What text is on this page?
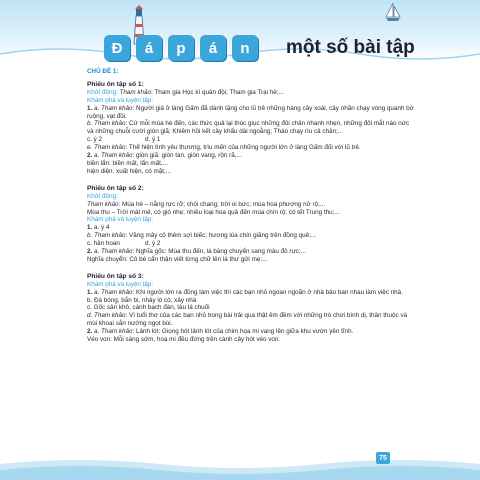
Đ	á	p	á	n	một số bài tập

CHỦ ĐỀ 1:

Phiếu ôn tập số 1:

Khởi động: Tham khảo: Tham gia Học kì quân đội; Tham gia Trại hè;...

Khám phá và luyện tập:

1. a. Tham khảo: Người già ở làng Gấm đã dành tặng cho lũ trẻ những hàng cây xoài, cây nhãn chạy vòng quanh bờ ruộng, vạt đồi.

b. Tham khảo: Cứ mỗi mùa hè đến, các thức quả lại thúc giục những đôi chân nhanh nhẹn, những đôi mắt náo nức và những chuỗi cười giòn giã; Khiêm hồi kết cây khẩu dài ngoằng; Tháo chạy rìu cả chân;...

c. ý 2	d. ý 1

e. Tham khảo: Thể hiện tình yêu thương, trìu mến của những người lớn ở làng Gấm đối với lũ trẻ.

2. a. Tham khảo: giòn giã: giòn tan, giòn vang, rộn rã,...

biền lẩn: biền mất, lẩn mất,...

hiện diện: xuất hiện, có mặt,...

Phiếu ôn tập số 2:

Khởi động:

Tham khảo: Mùa hè – nắng rực rỡ; chói chang; trời oi bức; mùa hoa phượng nở rộ;...

Mùa thu – Trời mát mẻ, có gió nhẹ; nhiều loại hoa quả đến mùa chín rộ; có tết Trung thu;...

Khám phá và luyện tập:

1. a. ý 4

b. Tham khảo: Vầng mây cô thêm sợi biếc; hương lúa chín giăng trên đồng quê;...

c. hân hoan	d. ý 2

2. a. Tham khảo: Nghĩa gốc: Mùa thu đến, lá bàng chuyển sang màu đỏ rực;...

Nghĩa chuyển: Cô bé cẩn thận viết từng chữ lên lá thư gửi mẹ;...

Phiếu ôn tập số 3:

Khám phá và luyện tập:

1. a. Tham khảo: Khi người lớn ra đồng làm việc thì các bạn nhỏ ngoan ngoãn ở nhà bảo ban nhau làm việc nhà.

b. Đá bóng, bắn bi, nhảy lò cò, xây nhà

c. Gốc sân khô, cánh bạch đàn, tàu lá chuối

d. Tham khảo: Vì tuổi thơ của các bạn nhỏ trong bài trải qua thật êm đềm với những trò chơi bình dị, thân thuộc và mùi khoai sắn nướng ngọt bùi.

2. a. Tham khảo: Lảnh lót: Giọng hót lảnh lót của chim họa mi vang lên giữa khu vườn yên tĩnh.

Véo von: Mỗi sáng sớm, hoạ mi đều đứng trên cành cây hót véo von.

75
